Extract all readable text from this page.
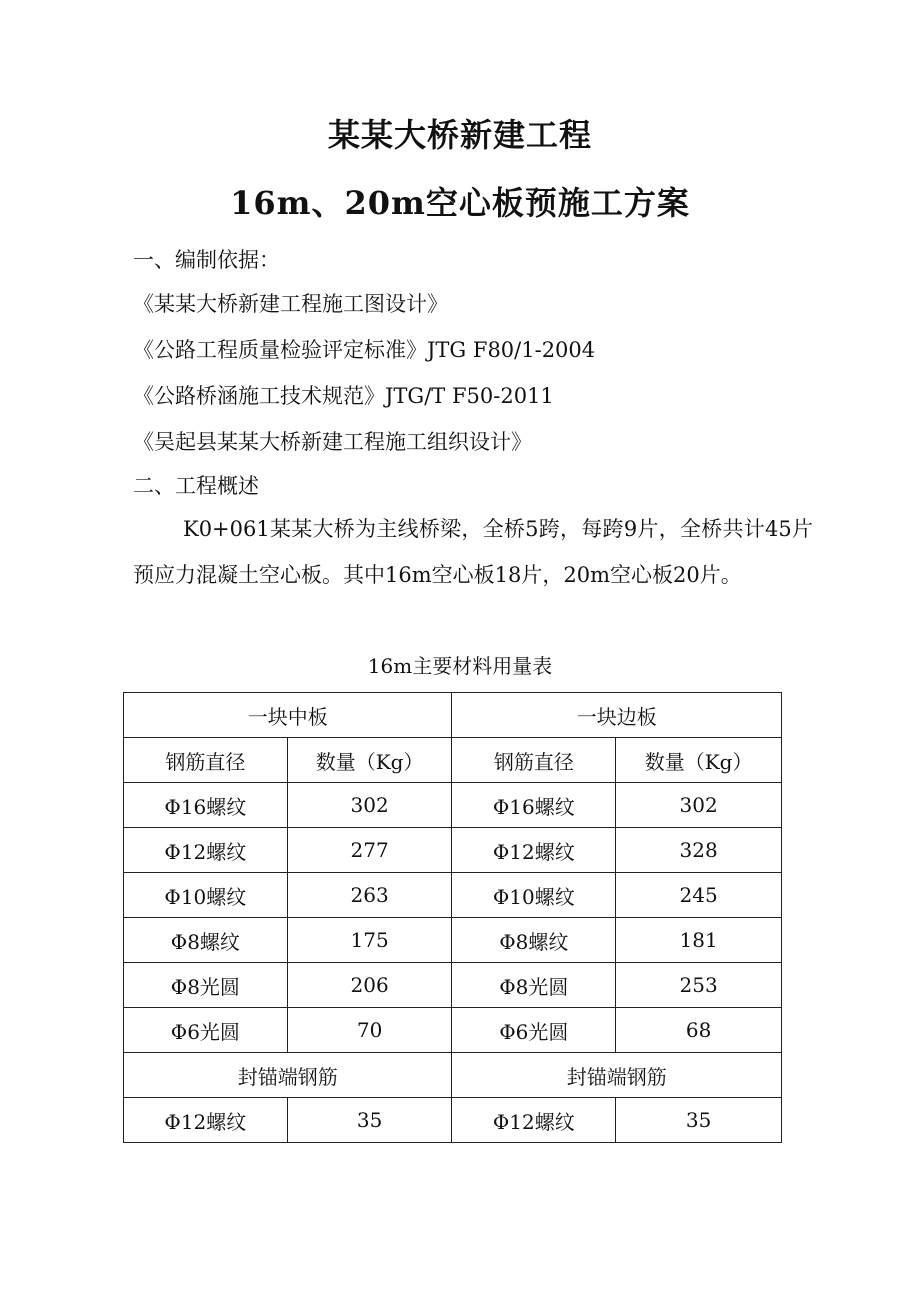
某某大桥新建工程
16m、20m空心板预施工方案
一、编制依据：
《某某大桥新建工程施工图设计》
《公路工程质量检验评定标准》JTG F80/1-2004
《公路桥涵施工技术规范》JTG/T F50-2011
《吴起县某某大桥新建工程施工组织设计》
二、工程概述
K0+061某某大桥为主线桥梁，全桥5跨，每跨9片，全桥共计45片预应力混凝土空心板。其中16m空心板18片，20m空心板20片。
16m主要材料用量表
一块中板		一块边板	
钢筋直径	数量（Kg）	钢筋直径	数量（Kg）
Φ16螺纹	302	Φ16螺纹	302
Φ12螺纹	277	Φ12螺纹	328
Φ10螺纹	263	Φ10螺纹	245
Φ8螺纹	175	Φ8螺纹	181
Φ8光圆	206	Φ8光圆	253
Φ6光圆	70	Φ6光圆	68
封锚端钢筋		封锚端钢筋	
Φ12螺纹	35	Φ12螺纹	35
